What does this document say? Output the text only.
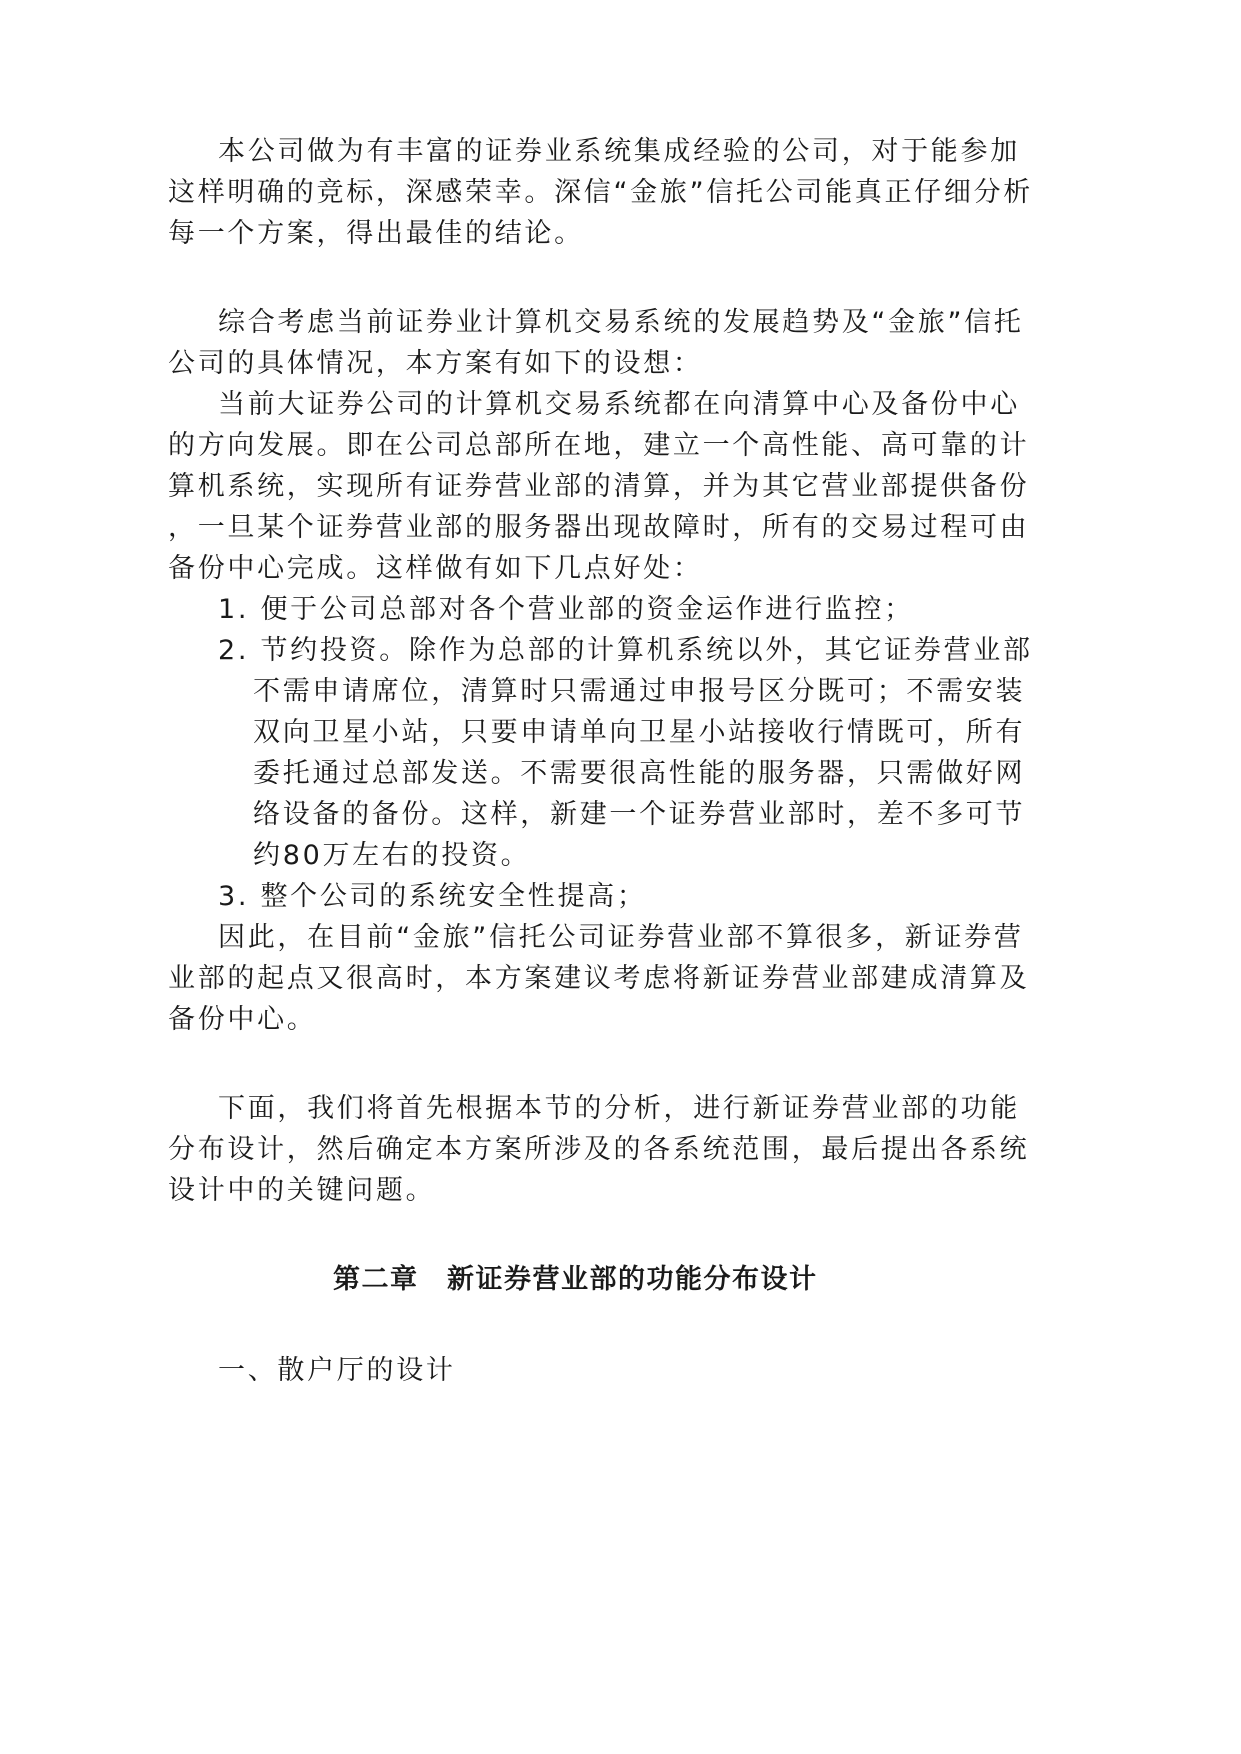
本公司做为有丰富的证券业系统集成经验的公司，对于能参加
这样明确的竞标，深感荣幸。深信“金旅”信托公司能真正仔细分析
每一个方案，得出最佳的结论。
综合考虑当前证券业计算机交易系统的发展趋势及“金旅”信托
公司的具体情况，本方案有如下的设想：
当前大证券公司的计算机交易系统都在向清算中心及备份中心
的方向发展。即在公司总部所在地，建立一个高性能、高可靠的计
算机系统，实现所有证券营业部的清算，并为其它营业部提供备份
，一旦某个证券营业部的服务器出现故障时，所有的交易过程可由
备份中心完成。这样做有如下几点好处：
1. 便于公司总部对各个营业部的资金运作进行监控；
2. 节约投资。除作为总部的计算机系统以外，其它证券营业部
不需申请席位，清算时只需通过申报号区分既可；不需安装
双向卫星小站，只要申请单向卫星小站接收行情既可，所有
委托通过总部发送。不需要很高性能的服务器，只需做好网
络设备的备份。这样，新建一个证券营业部时，差不多可节
约80万左右的投资。
3. 整个公司的系统安全性提高；
因此，在目前“金旅”信托公司证券营业部不算很多，新证券营
业部的起点又很高时，本方案建议考虑将新证券营业部建成清算及
备份中心。
下面，我们将首先根据本节的分析，进行新证券营业部的功能
分布设计，然后确定本方案所涉及的各系统范围，最后提出各系统
设计中的关键问题。
第二章　新证券营业部的功能分布设计
一、散户厅的设计
